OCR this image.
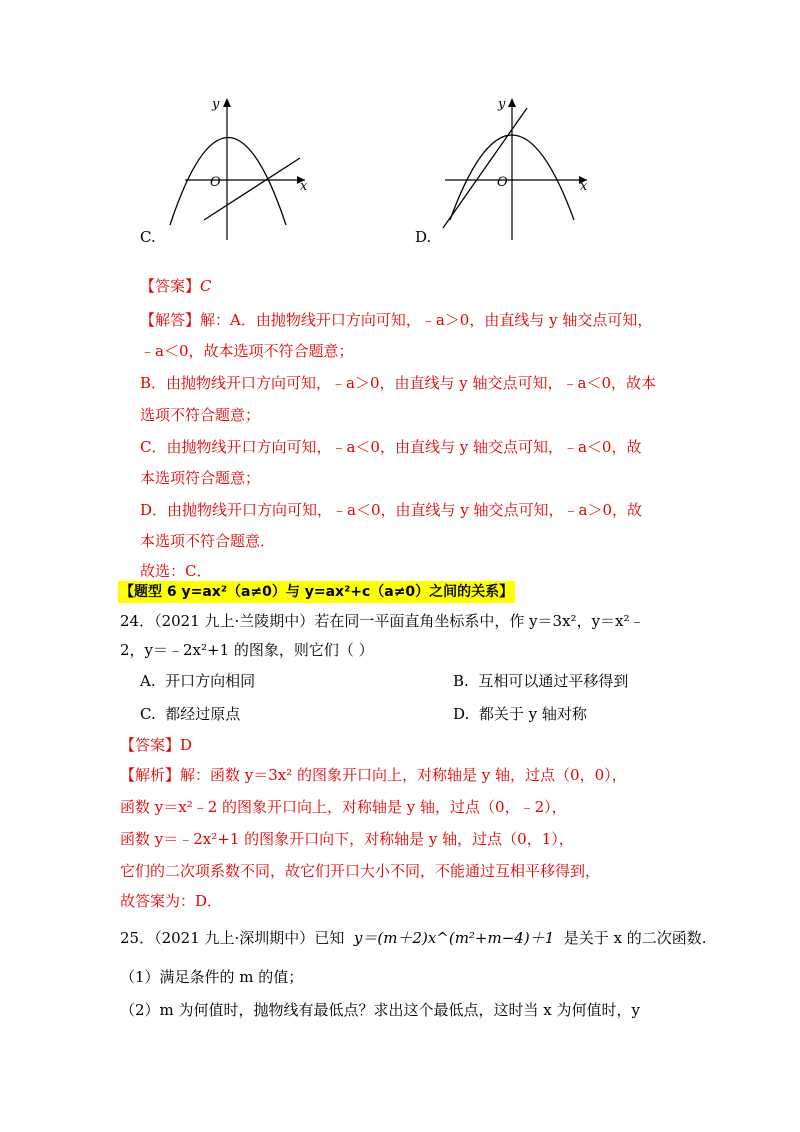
O	x
y
C.
O	x
y
D.
【答案】C
【解答】解：A．由抛物线开口方向可知，﹣a＞0，由直线与 y 轴交点可知，
﹣a＜0，故本选项不符合题意；
B．由抛物线开口方向可知，﹣a＞0，由直线与 y 轴交点可知，﹣a＜0，故本
选项不符合题意；
C．由抛物线开口方向可知，﹣a＜0，由直线与 y 轴交点可知，﹣a＜0，故
本选项符合题意；
D．由抛物线开口方向可知，﹣a＜0，由直线与 y 轴交点可知，﹣a＞0，故
本选项不符合题意．
故选：C．
【题型 6 y=ax²（a≠0）与 y=ax²+c（a≠0）之间的关系】
24．（2021 九上·兰陵期中）若在同一平面直角坐标系中，作 y＝3x²，y＝x²﹣
2，y＝﹣2x²+1 的图象，则它们（ ）
A. 开口方向相同	B. 互相可以通过平移得到
C. 都经过原点	D. 都关于 y 轴对称
【答案】D
【解析】解：函数 y＝3x² 的图象开口向上，对称轴是 y 轴，过点（0，0），
函数 y＝x²﹣2 的图象开口向上，对称轴是 y 轴，过点（0，﹣2），
函数 y＝﹣2x²+1 的图象开口向下，对称轴是 y 轴，过点（0，1），
它们的二次项系数不同，故它们开口大小不同，不能通过互相平移得到，
故答案为：D．
25．（2021 九上·深圳期中）已知 y＝(m＋2)x^(m²+m−4)＋1 是关于 x 的二次函数.
（1）满足条件的 m 的值；
（2）m 为何值时，抛物线有最低点？求出这个最低点，这时当 x 为何值时，y
